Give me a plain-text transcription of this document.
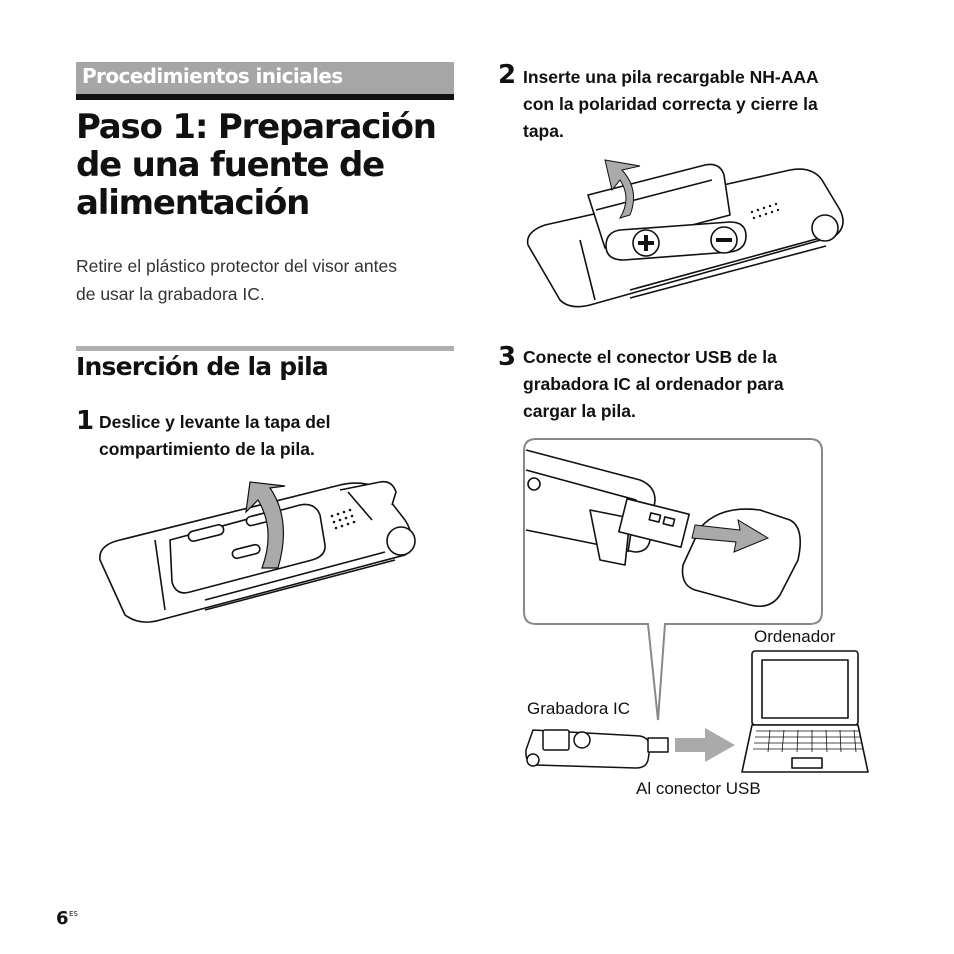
Procedimientos iniciales
Paso 1: Preparación
de una fuente de
alimentación
Retire el plástico protector del visor antes
de usar la grabadora IC.
Inserción de la pila
1 Deslice y levante la tapa del
compartimiento de la pila.
2 Inserte una pila recargable NH-AAA
con la polaridad correcta y cierre la
tapa.
3 Conecte el conector USB de la
grabadora IC al ordenador para
cargar la pila.
Ordenador
Grabadora IC
Al conector USB
6 ES
